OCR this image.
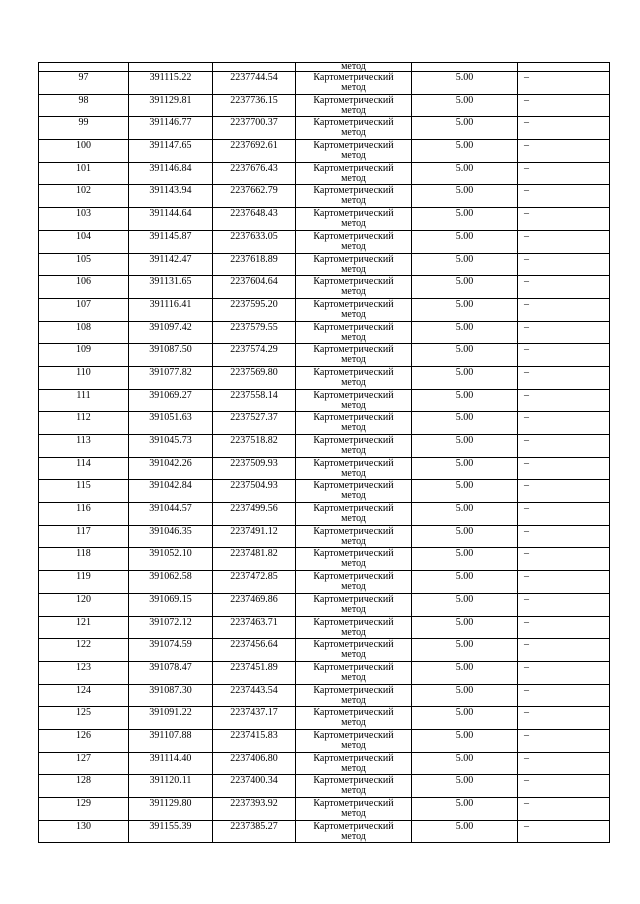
			метод		

97	391115.22	2237744.54	Картометрический
метод	5.00	–

98	391129.81	2237736.15	Картометрический
метод	5.00	–

99	391146.77	2237700.37	Картометрический
метод	5.00	–

100	391147.65	2237692.61	Картометрический
метод	5.00	–

101	391146.84	2237676.43	Картометрический
метод	5.00	–

102	391143.94	2237662.79	Картометрический
метод	5.00	–

103	391144.64	2237648.43	Картометрический
метод	5.00	–

104	391145.87	2237633.05	Картометрический
метод	5.00	–

105	391142.47	2237618.89	Картометрический
метод	5.00	–

106	391131.65	2237604.64	Картометрический
метод	5.00	–

107	391116.41	2237595.20	Картометрический
метод	5.00	–

108	391097.42	2237579.55	Картометрический
метод	5.00	–

109	391087.50	2237574.29	Картометрический
метод	5.00	–

110	391077.82	2237569.80	Картометрический
метод	5.00	–

111	391069.27	2237558.14	Картометрический
метод	5.00	–

112	391051.63	2237527.37	Картометрический
метод	5.00	–

113	391045.73	2237518.82	Картометрический
метод	5.00	–

114	391042.26	2237509.93	Картометрический
метод	5.00	–

115	391042.84	2237504.93	Картометрический
метод	5.00	–

116	391044.57	2237499.56	Картометрический
метод	5.00	–

117	391046.35	2237491.12	Картометрический
метод	5.00	–

118	391052.10	2237481.82	Картометрический
метод	5.00	–

119	391062.58	2237472.85	Картометрический
метод	5.00	–

120	391069.15	2237469.86	Картометрический
метод	5.00	–

121	391072.12	2237463.71	Картометрический
метод	5.00	–

122	391074.59	2237456.64	Картометрический
метод	5.00	–

123	391078.47	2237451.89	Картометрический
метод	5.00	–

124	391087.30	2237443.54	Картометрический
метод	5.00	–

125	391091.22	2237437.17	Картометрический
метод	5.00	–

126	391107.88	2237415.83	Картометрический
метод	5.00	–

127	391114.40	2237406.80	Картометрический
метод	5.00	–

128	391120.11	2237400.34	Картометрический
метод	5.00	–

129	391129.80	2237393.92	Картометрический
метод	5.00	–

130	391155.39	2237385.27	Картометрический
метод	5.00	–
